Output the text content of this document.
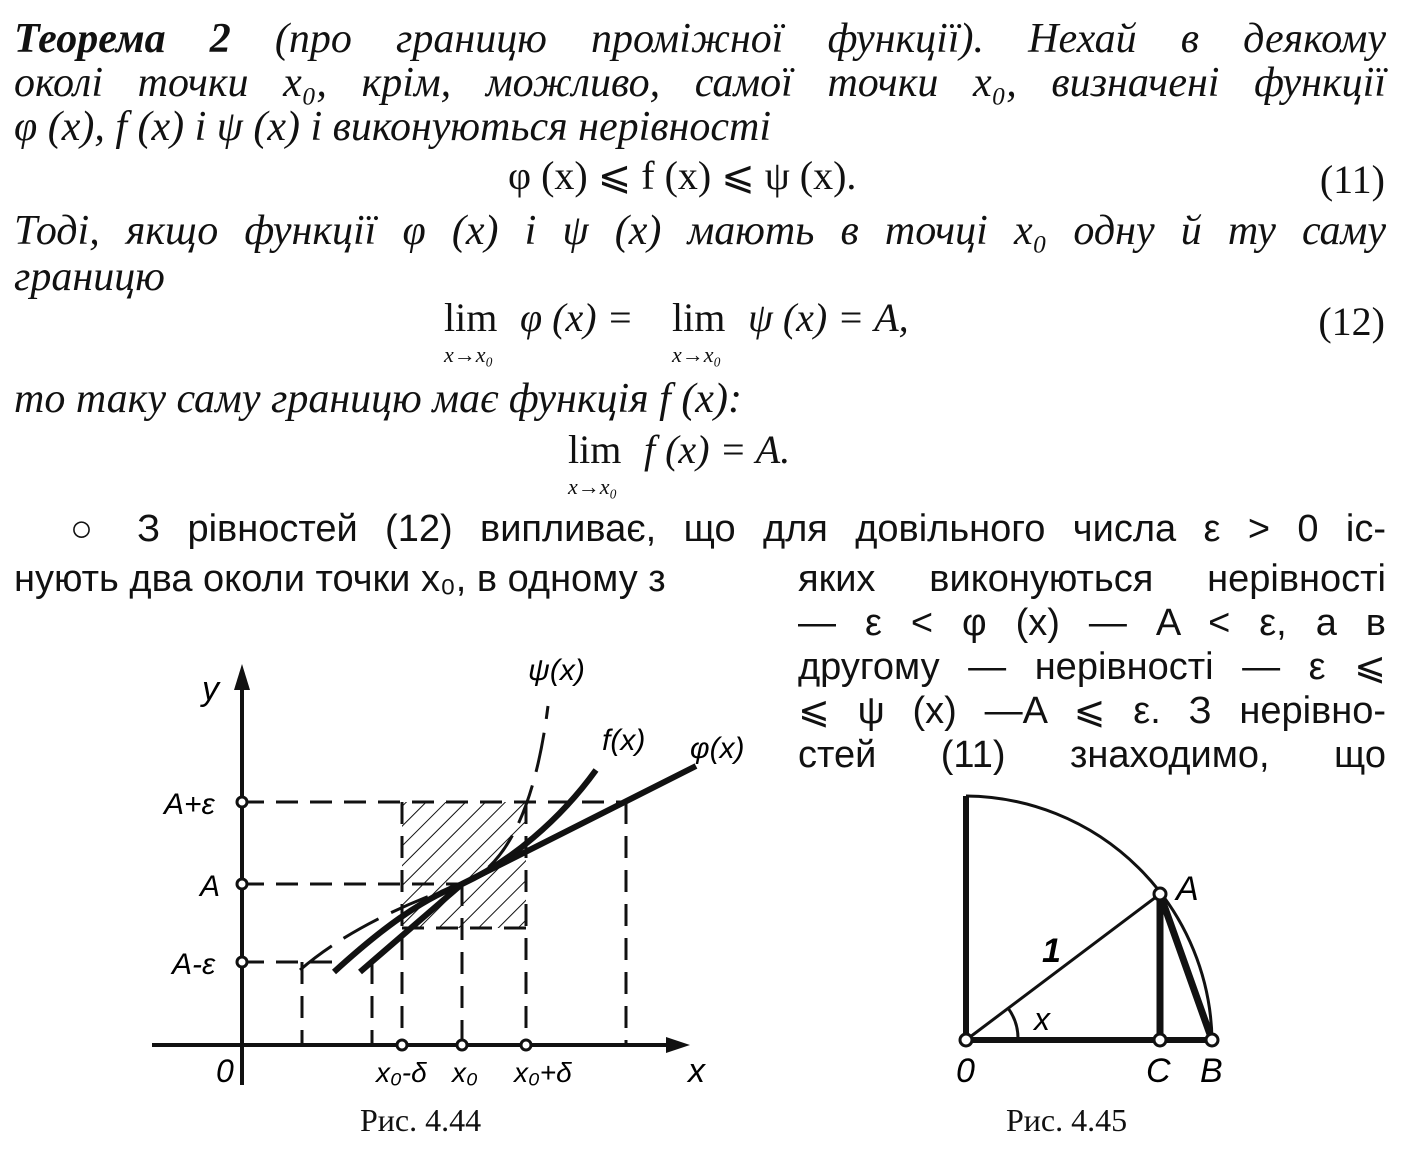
Теорема 2 (про границю проміжної функції). Нехай в деякому
околі точки x₀, крім, можливо, самої точки x₀, визначені функції
φ (x), f (x) і ψ (x) і виконуються нерівності
φ (x) ⩽ f (x) ⩽ ψ (x).	(11)
Тоді, якщо функції φ (x) і ψ (x) мають в точці x₀ одну й ту саму
границю
lim
x→x₀
φ (x) = lim
x→x₀
ψ (x) = A,	(12)
то таку саму границю має функція f (x):
lim
x→x₀
f (x) = A.
○ З рівностей (12) випливає, що для довільного числа ε > 0 іс-
нують два околи точки x₀, в одному з	яких виконуються нерівності
— ε < φ (x) — A < ε, а в
другому — нерівності — ε ⩽
⩽ ψ (x) —A ⩽ ε. З нерівно-
стей (11) знаходимо, що
y
x
0
A+ε
A
A-ε
x₀-δ x₀ x₀+δ
ψ(x)
f(x) φ(x)
Рис. 4.44
A
0	C B
1
x
Рис. 4.45
